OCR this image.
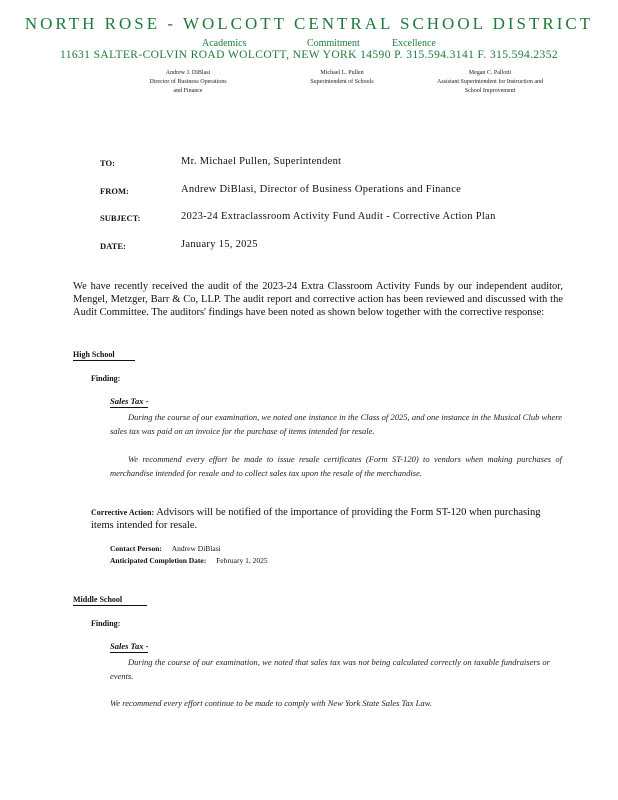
NORTH ROSE - WOLCOTT CENTRAL SCHOOL DISTRICT
Academics	Commitment	Excellence
11631 SALTER-COLVIN ROAD WOLCOTT, NEW YORK 14590 P. 315.594.3141 F. 315.594.2352
Andrew J. DiBlasi
Director of Business Operations and Finance
Michael L. Pullen
Superintendent of Schools
Megan C. Pallotti
Assistant Superintendent for Instruction and School Improvement
TO:	Mr. Michael Pullen, Superintendent
FROM:	Andrew DiBlasi, Director of Business Operations and Finance
SUBJECT:	2023-24 Extraclassroom Activity Fund Audit - Corrective Action Plan
DATE:	January 15, 2025
We have recently received the audit of the 2023-24 Extra Classroom Activity Funds by our independent auditor, Mengel, Metzger, Barr & Co, LLP. The audit report and corrective action has been reviewed and discussed with the Audit Committee. The auditors' findings have been noted as shown below together with the corrective response:
High School
Finding:
Sales Tax -
During the course of our examination, we noted one instance in the Class of 2025, and one instance in the Musical Club where sales tax was paid on an invoice for the purchase of items intended for resale.
We recommend every effort be made to issue resale certificates (Form ST-120) to vendors when making purchases of merchandise intended for resale and to collect sales tax upon the resale of the merchandise.
Corrective Action: Advisors will be notified of the importance of providing the Form ST-120 when purchasing items intended for resale.
Contact Person: Andrew DiBlasi
Anticipated Completion Date: February 1, 2025
Middle School
Finding:
Sales Tax -
During the course of our examination, we noted that sales tax was not being calculated correctly on taxable fundraisers or events.
We recommend every effort continue to be made to comply with New York State Sales Tax Law.
